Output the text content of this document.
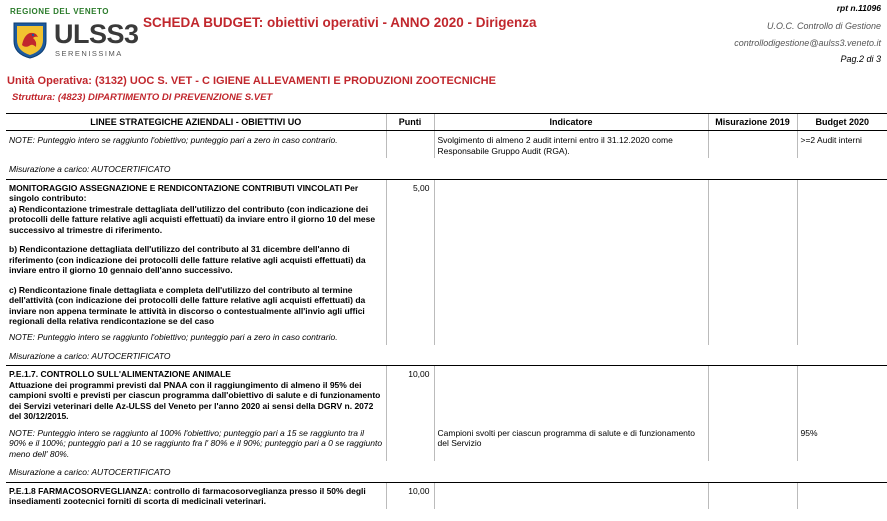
REGIONE DEL VENETO
ULSS3
SERENISSIMA
SCHEDA BUDGET: obiettivi operativi - ANNO 2020 - Dirigenza
rpt n.11096
U.O.C. Controllo di Gestione
controllodigestione@aulss3.veneto.it
Pag.2 di 3
Unità Operativa: (3132) UOC S. VET - C IGIENE ALLEVAMENTI E PRODUZIONI ZOOTECNICHE
Struttura: (4823) DIPARTIMENTO DI PREVENZIONE S.VET
LINEE STRATEGICHE AZIENDALI - OBIETTIVI UO	Punti	Indicatore	Misurazione 2019	Budget 2020
NOTE: Punteggio intero se raggiunto l'obiettivo; punteggio pari a zero in caso contrario.		Svolgimento di almeno 2 audit interni entro il 31.12.2020 come Responsabile Gruppo Audit (RGA).		>=2 Audit interni
Misurazione a carico: AUTOCERTIFICATO				

MONITORAGGIO ASSEGNAZIONE E RENDICONTAZIONE CONTRIBUTI VINCOLATI Per singolo contributo:
a) Rendicontazione trimestrale dettagliata dell'utilizzo del contributo (con indicazione dei protocolli delle fatture relative agli acquisti effettuati) da inviare entro il giorno 10 del mese successivo al trimestre di riferimento.
b) Rendicontazione dettagliata dell'utilizzo del contributo al 31 dicembre dell'anno di riferimento (con indicazione dei protocolli delle fatture relative agli acquisti effettuati) da inviare entro il giorno 10 gennaio dell'anno successivo.
c) Rendicontazione finale dettagliata e completa dell'utilizzo del contributo al termine dell'attività (con indicazione dei protocolli delle fatture relative agli acquisti effettuati) da inviare non appena terminate le attività in discorso o contestualmente all'invio agli uffici regionali della relativa rendicontazione se del caso	5,00			
NOTE: Punteggio intero se raggiunto l'obiettivo; punteggio pari a zero in caso contrario.				
Misurazione a carico: AUTOCERTIFICATO				

P.E.1.7. CONTROLLO SULL'ALIMENTAZIONE ANIMALE
Attuazione dei programmi previsti dal PNAA con il raggiungimento di almeno il 95% dei campioni svolti e previsti per ciascun programma dall'obiettivo di salute e di funzionamento dei Servizi veterinari delle Az-ULSS del Veneto per l'anno 2020 ai sensi della DGRV n. 2072 del 30/12/2015.	10,00			
NOTE: Punteggio intero se raggiunto al 100% l'obiettivo; punteggio pari a 15 se raggiunto tra il 90% e il 100%; punteggio pari a 10 se raggiunto fra l' 80% e il 90%; punteggio pari a 0 se raggiunto meno dell' 80%.		Campioni svolti per ciascun programma di salute e di funzionamento del Servizio		95%
Misurazione a carico: AUTOCERTIFICATO				

P.E.1.8 FARMACOSORVEGLIANZA: controllo di farmacosorveglianza presso il 50% degli insediamenti zootecnici forniti di scorta di medicinali veterinari.	10,00			
